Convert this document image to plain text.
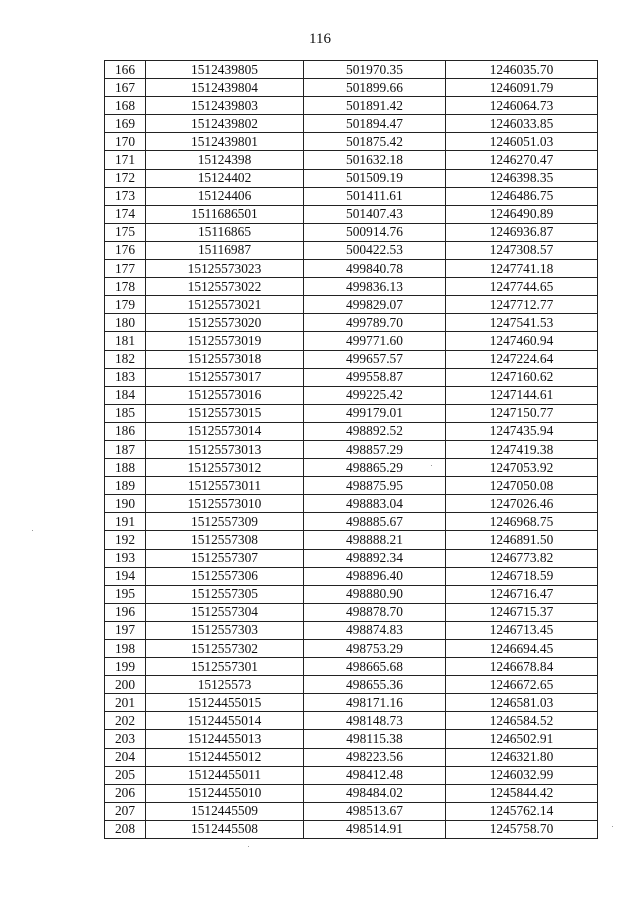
116
166	1512439805	501970.35	1246035.70
167	1512439804	501899.66	1246091.79
168	1512439803	501891.42	1246064.73
169	1512439802	501894.47	1246033.85
170	1512439801	501875.42	1246051.03
171	15124398	501632.18	1246270.47
172	15124402	501509.19	1246398.35
173	15124406	501411.61	1246486.75
174	1511686501	501407.43	1246490.89
175	15116865	500914.76	1246936.87
176	15116987	500422.53	1247308.57
177	15125573023	499840.78	1247741.18
178	15125573022	499836.13	1247744.65
179	15125573021	499829.07	1247712.77
180	15125573020	499789.70	1247541.53
181	15125573019	499771.60	1247460.94
182	15125573018	499657.57	1247224.64
183	15125573017	499558.87	1247160.62
184	15125573016	499225.42	1247144.61
185	15125573015	499179.01	1247150.77
186	15125573014	498892.52	1247435.94
187	15125573013	498857.29	1247419.38
188	15125573012	498865.29	1247053.92
189	15125573011	498875.95	1247050.08
190	15125573010	498883.04	1247026.46
191	1512557309	498885.67	1246968.75
192	1512557308	498888.21	1246891.50
193	1512557307	498892.34	1246773.82
194	1512557306	498896.40	1246718.59
195	1512557305	498880.90	1246716.47
196	1512557304	498878.70	1246715.37
197	1512557303	498874.83	1246713.45
198	1512557302	498753.29	1246694.45
199	1512557301	498665.68	1246678.84
200	15125573	498655.36	1246672.65
201	15124455015	498171.16	1246581.03
202	15124455014	498148.73	1246584.52
203	15124455013	498115.38	1246502.91
204	15124455012	498223.56	1246321.80
205	15124455011	498412.48	1246032.99
206	15124455010	498484.02	1245844.42
207	1512445509	498513.67	1245762.14
208	1512445508	498514.91	1245758.70
